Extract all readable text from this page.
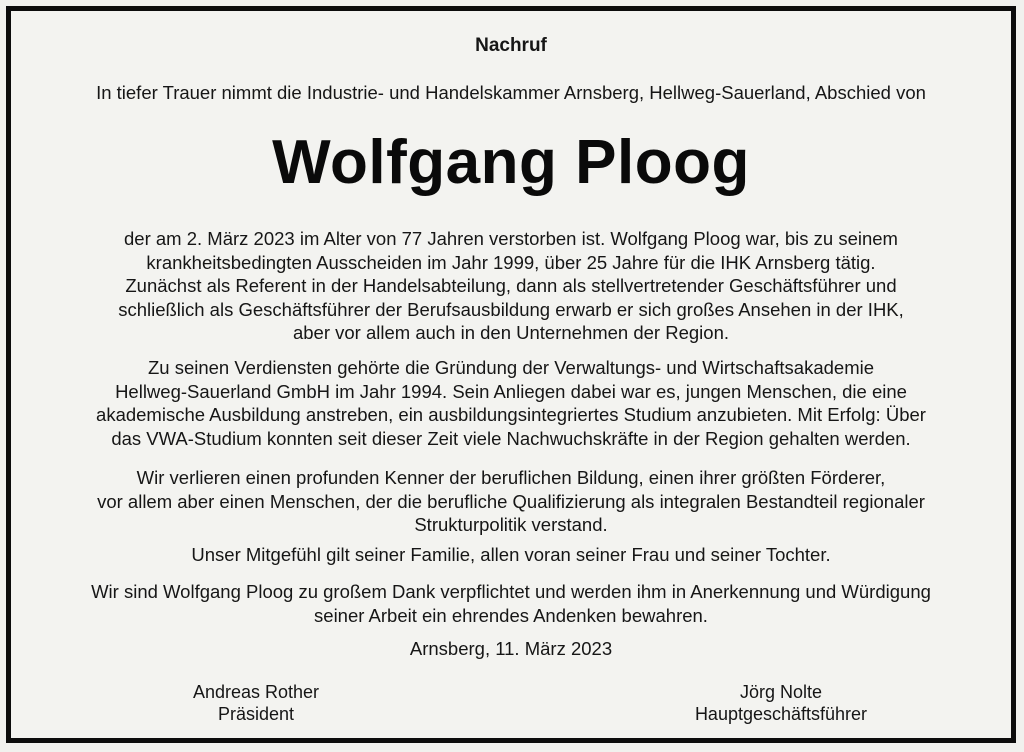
Nachruf
In tiefer Trauer nimmt die Industrie- und Handelskammer Arnsberg, Hellweg-Sauerland, Abschied von
Wolfgang Ploog
der am 2. März 2023 im Alter von 77 Jahren verstorben ist. Wolfgang Ploog war, bis zu seinem
krankheitsbedingten Ausscheiden im Jahr 1999, über 25 Jahre für die IHK Arnsberg tätig.
Zunächst als Referent in der Handelsabteilung, dann als stellvertretender Geschäftsführer und
schließlich als Geschäftsführer der Berufsausbildung erwarb er sich großes Ansehen in der IHK,
aber vor allem auch in den Unternehmen der Region.
Zu seinen Verdiensten gehörte die Gründung der Verwaltungs- und Wirtschaftsakademie
Hellweg-Sauerland GmbH im Jahr 1994. Sein Anliegen dabei war es, jungen Menschen, die eine
akademische Ausbildung anstreben, ein ausbildungsintegriertes Studium anzubieten. Mit Erfolg: Über
das VWA-Studium konnten seit dieser Zeit viele Nachwuchskräfte in der Region gehalten werden.
Wir verlieren einen profunden Kenner der beruflichen Bildung, einen ihrer größten Förderer,
vor allem aber einen Menschen, der die berufliche Qualifizierung als integralen Bestandteil regionaler
Strukturpolitik verstand.
Unser Mitgefühl gilt seiner Familie, allen voran seiner Frau und seiner Tochter.
Wir sind Wolfgang Ploog zu großem Dank verpflichtet und werden ihm in Anerkennung und Würdigung
seiner Arbeit ein ehrendes Andenken bewahren.
Arnsberg, 11. März 2023
Andreas Rother
Präsident
Jörg Nolte
Hauptgeschäftsführer
